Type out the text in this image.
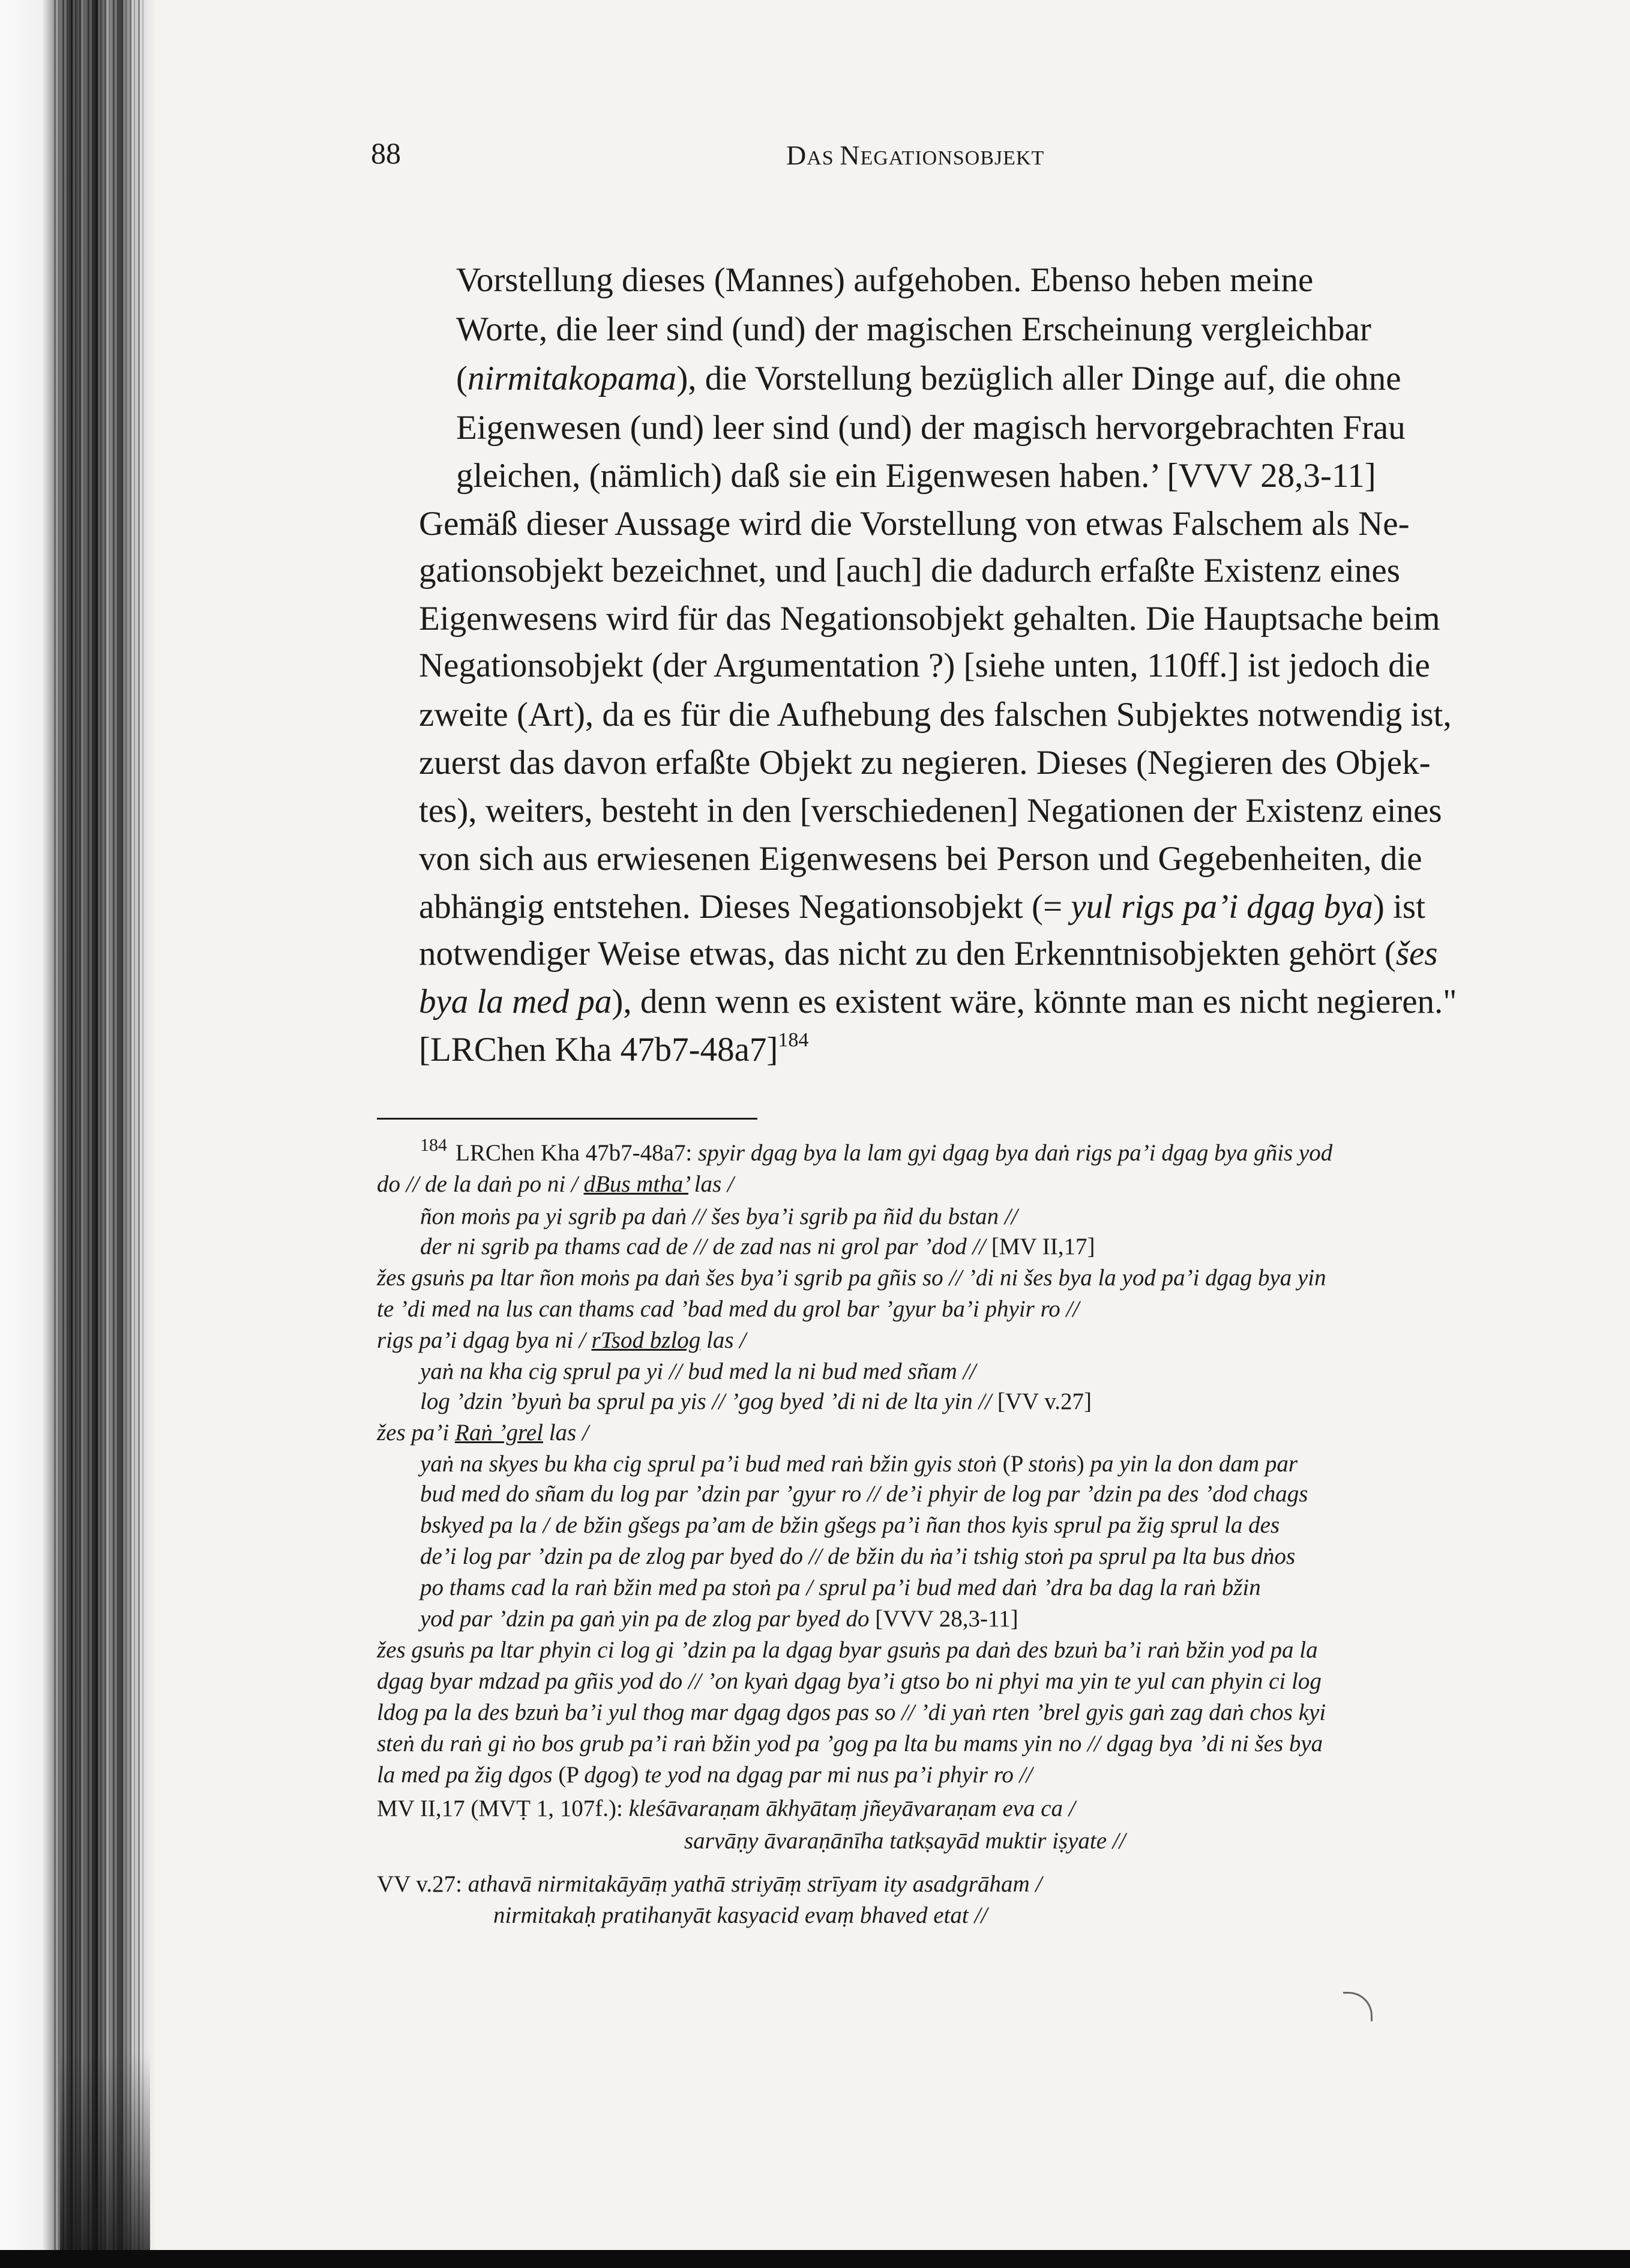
88	DAS NEGATIONSOBJEKT
Vorstellung dieses (Mannes) aufgehoben. Ebenso heben meine
Worte, die leer sind (und) der magischen Erscheinung vergleichbar
(nirmitakopama), die Vorstellung bezüglich aller Dinge auf, die ohne
Eigenwesen (und) leer sind (und) der magisch hervorgebrachten Frau
gleichen, (nämlich) daß sie ein Eigenwesen haben.’ [VVV 28,3-11]
Gemäß dieser Aussage wird die Vorstellung von etwas Falschem als Ne-
gationsobjekt bezeichnet, und [auch] die dadurch erfaßte Existenz eines
Eigenwesens wird für das Negationsobjekt gehalten. Die Hauptsache beim
Negationsobjekt (der Argumentation ?) [siehe unten, 110ff.] ist jedoch die
zweite (Art), da es für die Aufhebung des falschen Subjektes notwendig ist,
zuerst das davon erfaßte Objekt zu negieren. Dieses (Negieren des Objek-
tes), weiters, besteht in den [verschiedenen] Negationen der Existenz eines
von sich aus erwiesenen Eigenwesens bei Person und Gegebenheiten, die
abhängig entstehen. Dieses Negationsobjekt (= yul rigs pa’i dgag bya) ist
notwendiger Weise etwas, das nicht zu den Erkenntnisobjekten gehört (šes
bya la med pa), denn wenn es existent wäre, könnte man es nicht negieren."
[LRChen Kha 47b7-48a7]$^{184}$
$^{184}$ LRChen Kha 47b7-48a7: spyir dgag bya la lam gyi dgag bya daṅ rigs pa’i dgag bya gñis yod
do // de la daṅ po ni / dBus mtha’ las /
ñon moṅs pa yi sgrib pa daṅ // šes bya’i sgrib pa ñid du bstan //
der ni sgrib pa thams cad de // de zad nas ni grol par ’dod // [MV II,17]
žes gsuṅs pa ltar ñon moṅs pa daṅ šes bya’i sgrib pa gñis so // ’di ni šes bya la yod pa’i dgag bya yin
te ’di med na lus can thams cad ’bad med du grol bar ’gyur ba’i phyir ro //
rigs pa’i dgag bya ni / rTsod bzlog las /
yaṅ na kha cig sprul pa yi // bud med la ni bud med sñam //
log ’dzin ’byuṅ ba sprul pa yis // ’gog byed ’di ni de lta yin // [VV v.27]
žes pa’i Raṅ ’grel las /
yaṅ na skyes bu kha cig sprul pa’i bud med raṅ bžin gyis stoṅ (P stoṅs) pa yin la don dam par
bud med do sñam du log par ’dzin par ’gyur ro // de’i phyir de log par ’dzin pa des ’dod chags
bskyed pa la / de bžin gšegs pa’am de bžin gšegs pa’i ñan thos kyis sprul pa žig sprul la des
de’i log par ’dzin pa de zlog par byed do // de bžin du ṅa’i tshig stoṅ pa sprul pa lta bus dṅos
po thams cad la raṅ bžin med pa stoṅ pa / sprul pa’i bud med daṅ ’dra ba dag la raṅ bžin
yod par ’dzin pa gaṅ yin pa de zlog par byed do [VVV 28,3-11]
žes gsuṅs pa ltar phyin ci log gi ’dzin pa la dgag byar gsuṅs pa daṅ des bzuṅ ba’i raṅ bžin yod pa la
dgag byar mdzad pa gñis yod do // ’on kyaṅ dgag bya’i gtso bo ni phyi ma yin te yul can phyin ci log
ldog pa la des bzuṅ ba’i yul thog mar dgag dgos pas so // ’di yaṅ rten ’brel gyis gaṅ zag daṅ chos kyi
steṅ du raṅ gi ṅo bos grub pa’i raṅ bžin yod pa ’gog pa lta bu mams yin no // dgag bya ’di ni šes bya
la med pa žig dgos (P dgog) te yod na dgag par mi nus pa’i phyir ro //
MV II,17 (MVṬ 1, 107f.): kleśāvaraṇam ākhyātaṃ jñeyāvaraṇam eva ca /
sarvāṇy āvaraṇānīha tatkṣayād muktir iṣyate //
VV v.27: athavā nirmitakāyāṃ yathā striyāṃ strīyam ity asadgrāham /
nirmitakaḥ pratihanyāt kasyacid evaṃ bhaved etat //
